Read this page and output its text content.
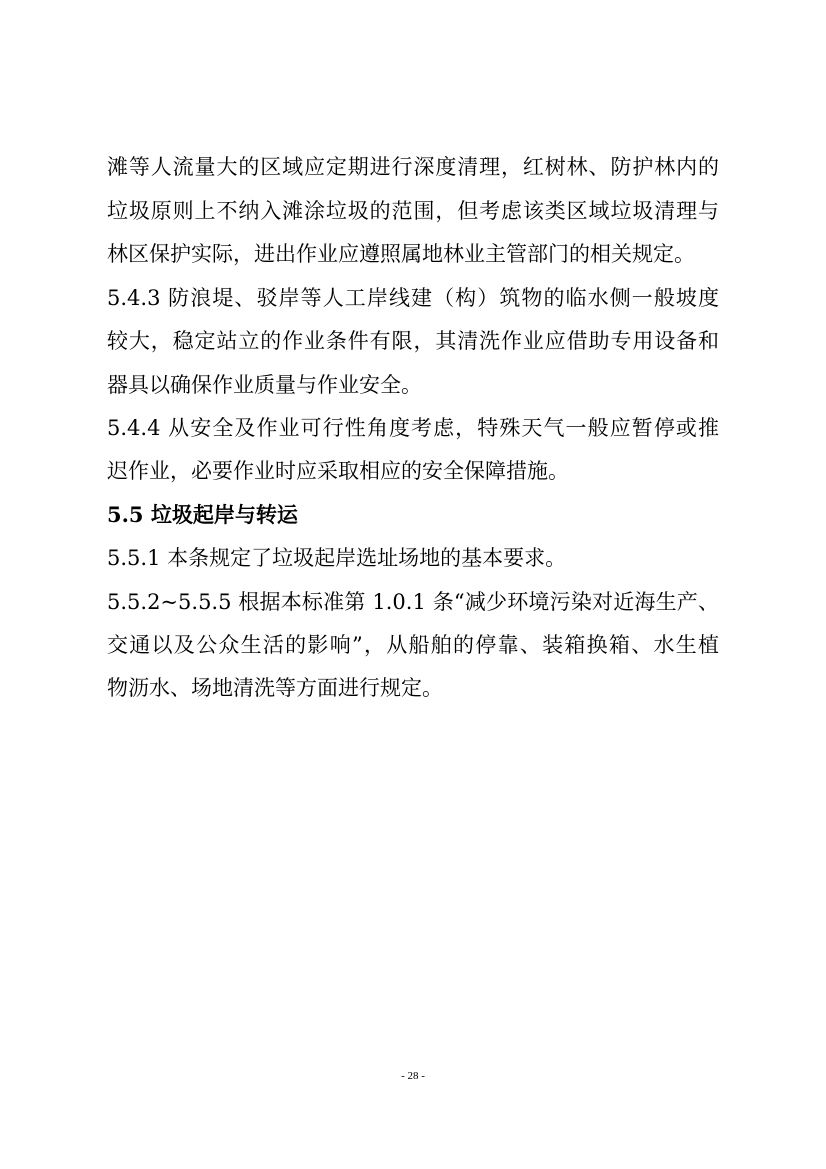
滩等人流量大的区域应定期进行深度清理，红树林、防护林内的
垃圾原则上不纳入滩涂垃圾的范围，但考虑该类区域垃圾清理与
林区保护实际，进出作业应遵照属地林业主管部门的相关规定。
5.4.3 防浪堤、驳岸等人工岸线建（构）筑物的临水侧一般坡度
较大，稳定站立的作业条件有限，其清洗作业应借助专用设备和
器具以确保作业质量与作业安全。
5.4.4 从安全及作业可行性角度考虑，特殊天气一般应暂停或推
迟作业，必要作业时应采取相应的安全保障措施。
5.5 垃圾起岸与转运
5.5.1 本条规定了垃圾起岸选址场地的基本要求。
5.5.2~5.5.5 根据本标准第 1.0.1 条“减少环境污染对近海生产、
交通以及公众生活的影响”，从船舶的停靠、装箱换箱、水生植
物沥水、场地清洗等方面进行规定。
- 28 -
